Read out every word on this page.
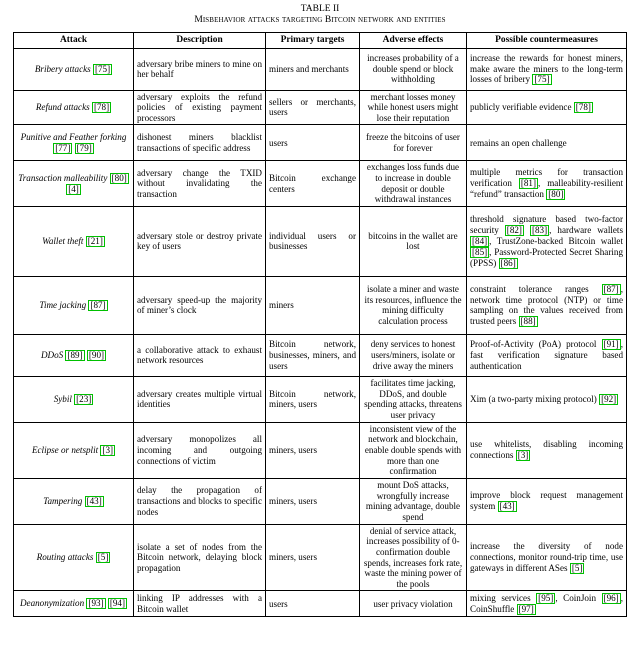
TABLE II
Misbehavior attacks targeting Bitcoin network and entities
Attack	Description	Primary targets	Adverse effects	Possible countermeasures
Bribery attacks [75]	adversary bribe miners to mine on her behalf	miners and merchants	increases probability of a double spend or block withholding	increase the rewards for honest miners, make aware the miners to the long-term losses of bribery [75]
Refund attacks [78]	adversary exploits the refund policies of existing payment processors	sellers or merchants, users	merchant losses money while honest users might lose their reputation	publicly verifiable evidence [78]
Punitive and Feather forking [77] [79]	dishonest miners blacklist transactions of specific address	users	freeze the bitcoins of user for forever	remains an open challenge
Transaction malleability [80] [4]	adversary change the TXID without invalidating the transaction	Bitcoin exchange centers	exchanges loss funds due to increase in double deposit or double withdrawal instances	multiple metrics for transaction verification [81] , malleability-resilient “refund” transaction [80]
Wallet theft [21]	adversary stole or destroy private key of users	individual users or businesses	bitcoins in the wallet are lost	threshold signature based two-factor security [82] [83] , hardware wallets [84] , TrustZone-backed Bitcoin wallet [85] , Password-Protected Secret Sharing (PPSS) [86]
Time jacking [87]	adversary speed-up the majority of miner’s clock	miners	isolate a miner and waste its resources, influence the mining difficulty calculation process	constraint tolerance ranges [87] , network time protocol (NTP) or time sampling on the values received from trusted peers [88]
DDoS [89] [90]	a collaborative attack to exhaust network resources	Bitcoin network, businesses, miners, and users	deny services to honest users/miners, isolate or drive away the miners	Proof-of-Activity (PoA) protocol [91] , fast verification signature based authentication
Sybil [23]	adversary creates multiple virtual identities	Bitcoin network, miners, users	facilitates time jacking, DDoS, and double spending attacks, threatens user privacy	Xim (a two-party mixing protocol) [92]
Eclipse or netsplit [3]	adversary monopolizes all incoming and outgoing connections of victim	miners, users	inconsistent view of the network and blockchain, enable double spends with more than one confirmation	use whitelists, disabling incoming connections [3]
Tampering [43]	delay the propagation of transactions and blocks to specific nodes	miners, users	mount DoS attacks, wrongfully increase mining advantage, double spend	improve block request management system [43]
Routing attacks [5]	isolate a set of nodes from the Bitcoin network, delaying block propagation	miners, users	denial of service attack, increases possibility of 0-confirmation double spends, increases fork rate, waste the mining power of the pools	increase the diversity of node connections, monitor round-trip time, use gateways in different ASes [5]
Deanonymization [93] [94]	linking IP addresses with a Bitcoin wallet	users	user privacy violation	mixing services [95] , CoinJoin [96] , CoinShuffle [97]
